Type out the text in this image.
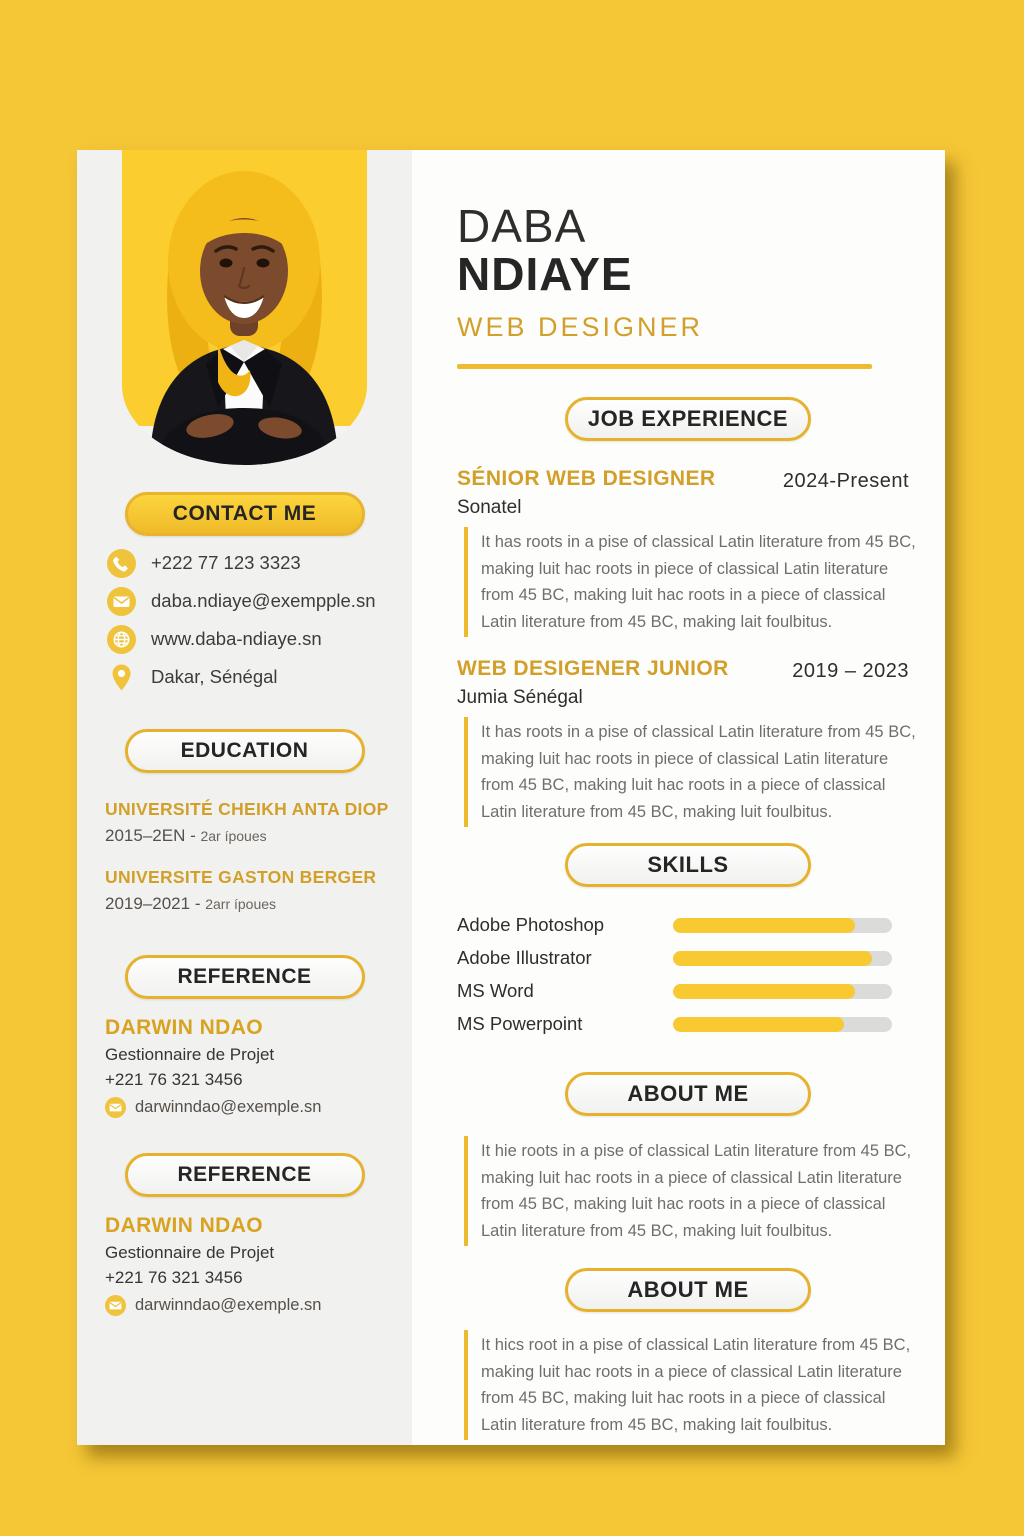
CONTACT ME
+222 77 123 3323
daba.ndiaye@exempple.sn
www.daba-ndiaye.sn
Dakar, Sénégal
EDUCATION
UNIVERSITÉ CHEIKH ANTA DIOP
2015–2EN - 2ar ípoues
UNIVERSITE GASTON BERGER
2019–2021 - 2arr ípoues
REFERENCE
DARWIN NDAO
Gestionnaire de Projet
+221 76 321 3456
darwinndao@exemple.sn
REFERENCE
DARWIN NDAO
Gestionnaire de Projet
+221 76 321 3456
darwinndao@exemple.sn
DABA
NDIAYE
WEB DESIGNER
JOB EXPERIENCE
SÉNIOR WEB DESIGNER	2024-Present
Sonatel
It has roots in a pise of classical Latin literature from 45 BC, making luit hac roots in piece of classical Latin literature from 45 BC, making luit hac roots in a piece of classical Latin literature from 45 BC, making lait foulbitus.
WEB DESIGENER JUNIOR	2019 – 2023
Jumia Sénégal
It has roots in a pise of classical Latin literature from 45 BC, making luit hac roots in piece of classical Latin literature from 45 BC, making luit hac roots in a piece of classical Latin literature from 45 BC, making luit foulbitus.
SKILLS
Adobe Photoshop
Adobe Illustrator
MS Word
MS Powerpoint
ABOUT ME
It hie roots in a pise of classical Latin literature from 45 BC, making luit hac roots in a piece of classical Latin literature from 45 BC, making luit hac roots in a piece of classical Latin literature from 45 BC, making luit foulbitus.
ABOUT ME
It hics root in a pise of classical Latin literature from 45 BC, making luit hac roots in a piece of classical Latin literature from 45 BC, making luit hac roots in a piece of classical Latin literature from 45 BC, making lait foulbitus.
